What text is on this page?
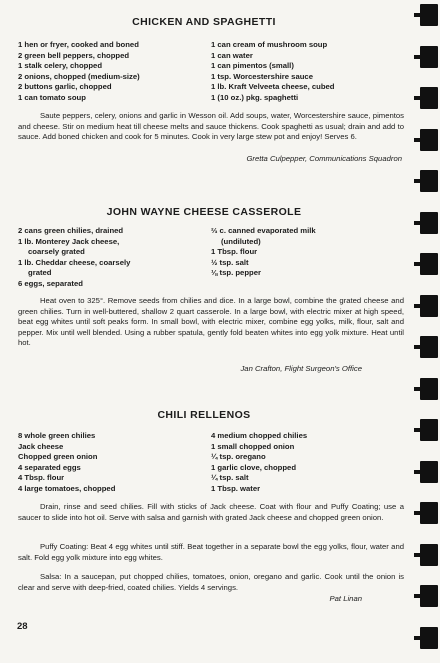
CHICKEN AND SPAGHETTI
1 hen or fryer, cooked and boned
2 green bell peppers, chopped
1 stalk celery, chopped
2 onions, chopped (medium-size)
2 buttons garlic, chopped
1 can tomato soup
1 can cream of mushroom soup
1 can water
1 can pimentos (small)
1 tsp. Worcestershire sauce
1 lb. Kraft Velveeta cheese, cubed
1 (10 oz.) pkg. spaghetti

Saute peppers, celery, onions and garlic in Wesson oil. Add soups, water, Worcestershire sauce, pimentos and cheese. Stir on medium heat till cheese melts and sauce thickens. Cook spaghetti as usual; drain and add to sauce. Add boned chicken and cook for 5 minutes. Cook in very large stew pot and enjoy! Serves 6.

Gretta Culpepper, Communications Squadron
JOHN WAYNE CHEESE CASSEROLE
2 cans green chilies, drained
1 lb. Monterey Jack cheese,
coarsely grated
1 lb. Cheddar cheese, coarsely
grated
6 eggs, separated
⅔ c. canned evaporated milk
(undiluted)
1 Tbsp. flour
½ tsp. salt
⅛ tsp. pepper

Heat oven to 325°. Remove seeds from chilies and dice. In a large bowl, combine the grated cheese and green chilies. Turn in well-buttered, shallow 2 quart casserole. In a large bowl, with electric mixer at high speed, beat egg whites until soft peaks form. In small bowl, with electric mixer, combine egg yolks, milk, flour, salt and pepper. Mix until well blended. Using a rubber spatula, gently fold beaten whites into egg yolk mixture. Heat until hot.

Jan Crafton, Flight Surgeon's Office
CHILI RELLENOS
8 whole green chilies
Jack cheese
Chopped green onion
4 separated eggs
4 Tbsp. flour
4 large tomatoes, chopped
4 medium chopped chilies
1 small chopped onion
¼ tsp. oregano
1 garlic clove, chopped
¼ tsp. salt
1 Tbsp. water

Drain, rinse and seed chilies. Fill with sticks of Jack cheese. Coat with flour and Puffy Coating; use a saucer to slide into hot oil. Serve with salsa and garnish with grated Jack cheese and chopped green onion.

Puffy Coating: Beat 4 egg whites until stiff. Beat together in a separate bowl the egg yolks, flour, water and salt. Fold egg yolk mixture into egg whites.

Salsa: In a saucepan, put chopped chilies, tomatoes, onion, oregano and garlic. Cook until the onion is clear and serve with deep-fried, coated chilies. Yields 4 servings.

Pat Linan
28
